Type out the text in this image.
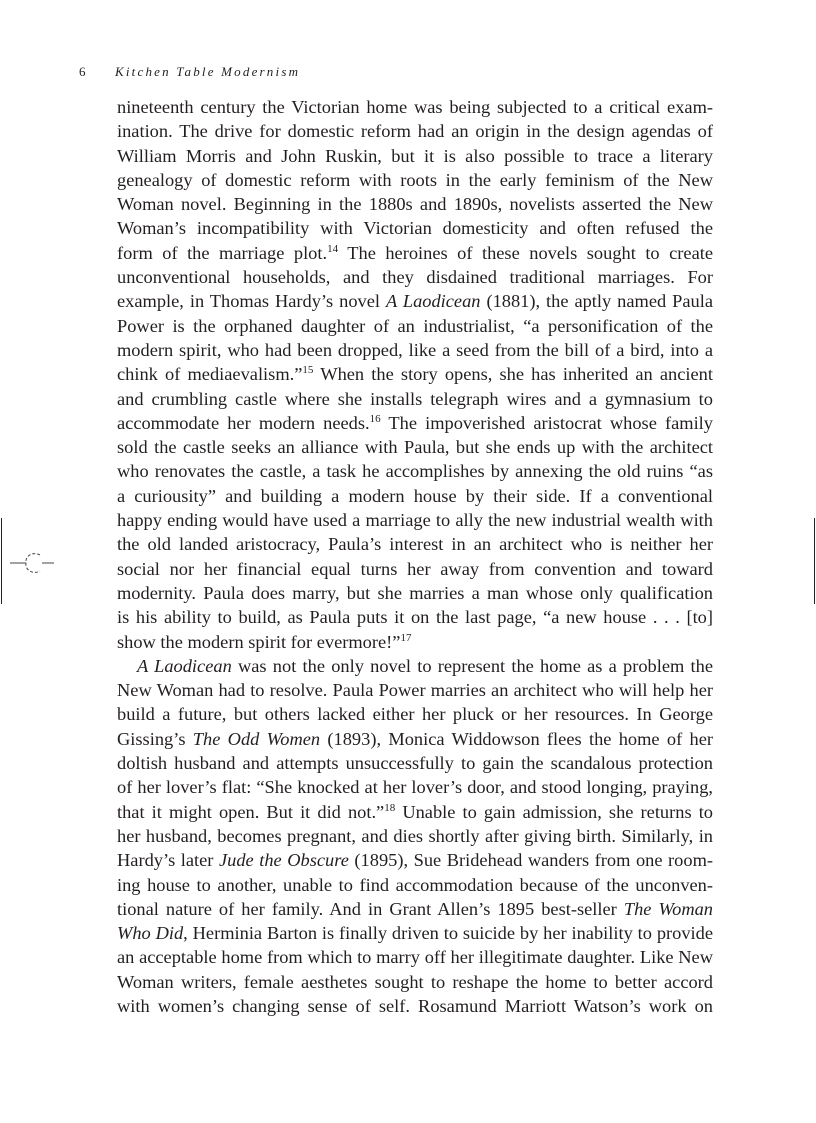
6 Kitchen Table Modernism
nineteenth century the Victorian home was being subjected to a critical exam-
ination. The drive for domestic reform had an origin in the design agendas of
William Morris and John Ruskin, but it is also possible to trace a literary
genealogy of domestic reform with roots in the early feminism of the New
Woman novel. Beginning in the 1880s and 1890s, novelists asserted the New
Woman’s incompatibility with Victorian domesticity and often refused the
form of the marriage plot.$^{14}$ The heroines of these novels sought to create
unconventional households, and they disdained traditional marriages. For
example, in Thomas Hardy’s novel A Laodicean (1881), the aptly named Paula
Power is the orphaned daughter of an industrialist, “a personification of the
modern spirit, who had been dropped, like a seed from the bill of a bird, into a
chink of mediaevalism.”$^{15}$ When the story opens, she has inherited an ancient
and crumbling castle where she installs telegraph wires and a gymnasium to
accommodate her modern needs.$^{16}$ The impoverished aristocrat whose family
sold the castle seeks an alliance with Paula, but she ends up with the architect
who renovates the castle, a task he accomplishes by annexing the old ruins “as
a curiousity” and building a modern house by their side. If a conventional
happy ending would have used a marriage to ally the new industrial wealth with
the old landed aristocracy, Paula’s interest in an architect who is neither her
social nor her financial equal turns her away from convention and toward
modernity. Paula does marry, but she marries a man whose only qualification
is his ability to build, as Paula puts it on the last page, “a new house . . . [to]
show the modern spirit for evermore!”$^{17}$
A Laodicean was not the only novel to represent the home as a problem the
New Woman had to resolve. Paula Power marries an architect who will help her
build a future, but others lacked either her pluck or her resources. In George
Gissing’s The Odd Women (1893), Monica Widdowson flees the home of her
doltish husband and attempts unsuccessfully to gain the scandalous protection
of her lover’s flat: “She knocked at her lover’s door, and stood longing, praying,
that it might open. But it did not.”$^{18}$ Unable to gain admission, she returns to
her husband, becomes pregnant, and dies shortly after giving birth. Similarly, in
Hardy’s later Jude the Obscure (1895), Sue Bridehead wanders from one room-
ing house to another, unable to find accommodation because of the unconven-
tional nature of her family. And in Grant Allen’s 1895 best-seller The Woman
Who Did, Herminia Barton is finally driven to suicide by her inability to provide
an acceptable home from which to marry off her illegitimate daughter. Like New
Woman writers, female aesthetes sought to reshape the home to better accord
with women’s changing sense of self. Rosamund Marriott Watson’s work on
